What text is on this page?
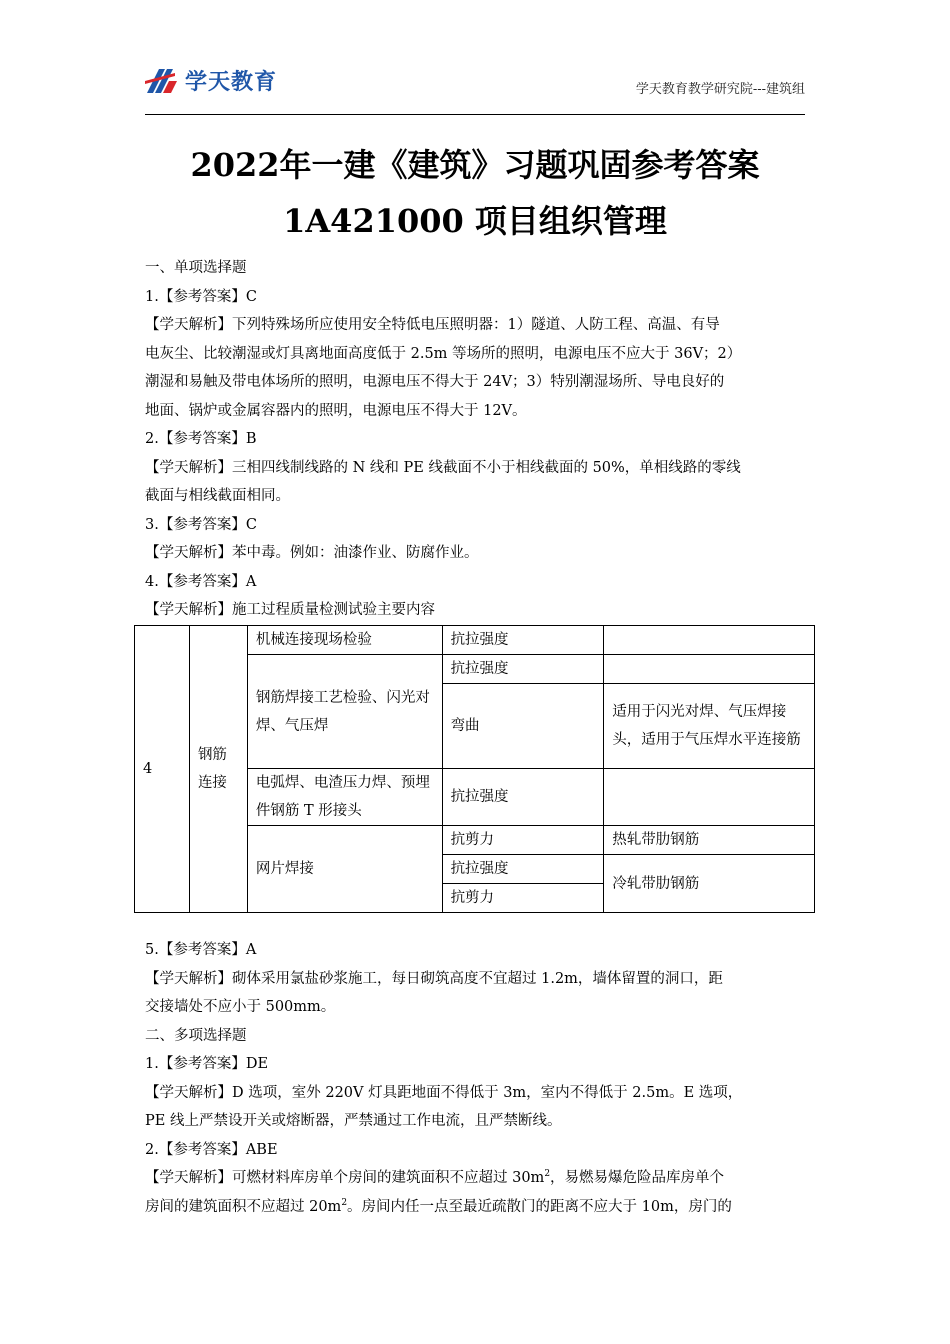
学天教育	学天教育教学研究院---建筑组
2022年一建《建筑》习题巩固参考答案
1A421000 项目组织管理

一、单项选择题

1.【参考答案】C

【学天解析】下列特殊场所应使用安全特低电压照明器：1）隧道、人防工程、高温、有导

电灰尘、比较潮湿或灯具离地面高度低于 2.5m 等场所的照明，电源电压不应大于 36V；2）

潮湿和易触及带电体场所的照明，电源电压不得大于 24V；3）特别潮湿场所、导电良好的

地面、锅炉或金属容器内的照明，电源电压不得大于 12V。

2.【参考答案】B

【学天解析】三相四线制线路的 N 线和 PE 线截面不小于相线截面的 50%，单相线路的零线

截面与相线截面相同。

3.【参考答案】C

【学天解析】苯中毒。例如：油漆作业、防腐作业。

4.【参考答案】A

【学天解析】施工过程质量检测试验主要内容

4	钢筋连接	机械连接现场检验	抗拉强度	
		钢筋焊接工艺检验、闪光对焊、气压焊	抗拉强度	
			弯曲	适用于闪光对焊、气压焊接头，适用于气压焊水平连接筋
		电弧焊、电渣压力焊、预埋件钢筋 T 形接头	抗拉强度	
		网片焊接	抗剪力	热轧带肋钢筋
			抗拉强度	冷轧带肋钢筋
			抗剪力	

5.【参考答案】A

【学天解析】砌体采用氯盐砂浆施工，每日砌筑高度不宜超过 1.2m，墙体留置的洞口，距

交接墙处不应小于 500mm。

二、多项选择题

1.【参考答案】DE

【学天解析】D 选项，室外 220V 灯具距地面不得低于 3m，室内不得低于 2.5m。E 选项，

PE 线上严禁设开关或熔断器，严禁通过工作电流，且严禁断线。

2.【参考答案】ABE

【学天解析】可燃材料库房单个房间的建筑面积不应超过 $30m^2$，易燃易爆危险品库房单个

房间的建筑面积不应超过 $20m^2$。房间内任一点至最近疏散门的距离不应大于 10m，房门的
